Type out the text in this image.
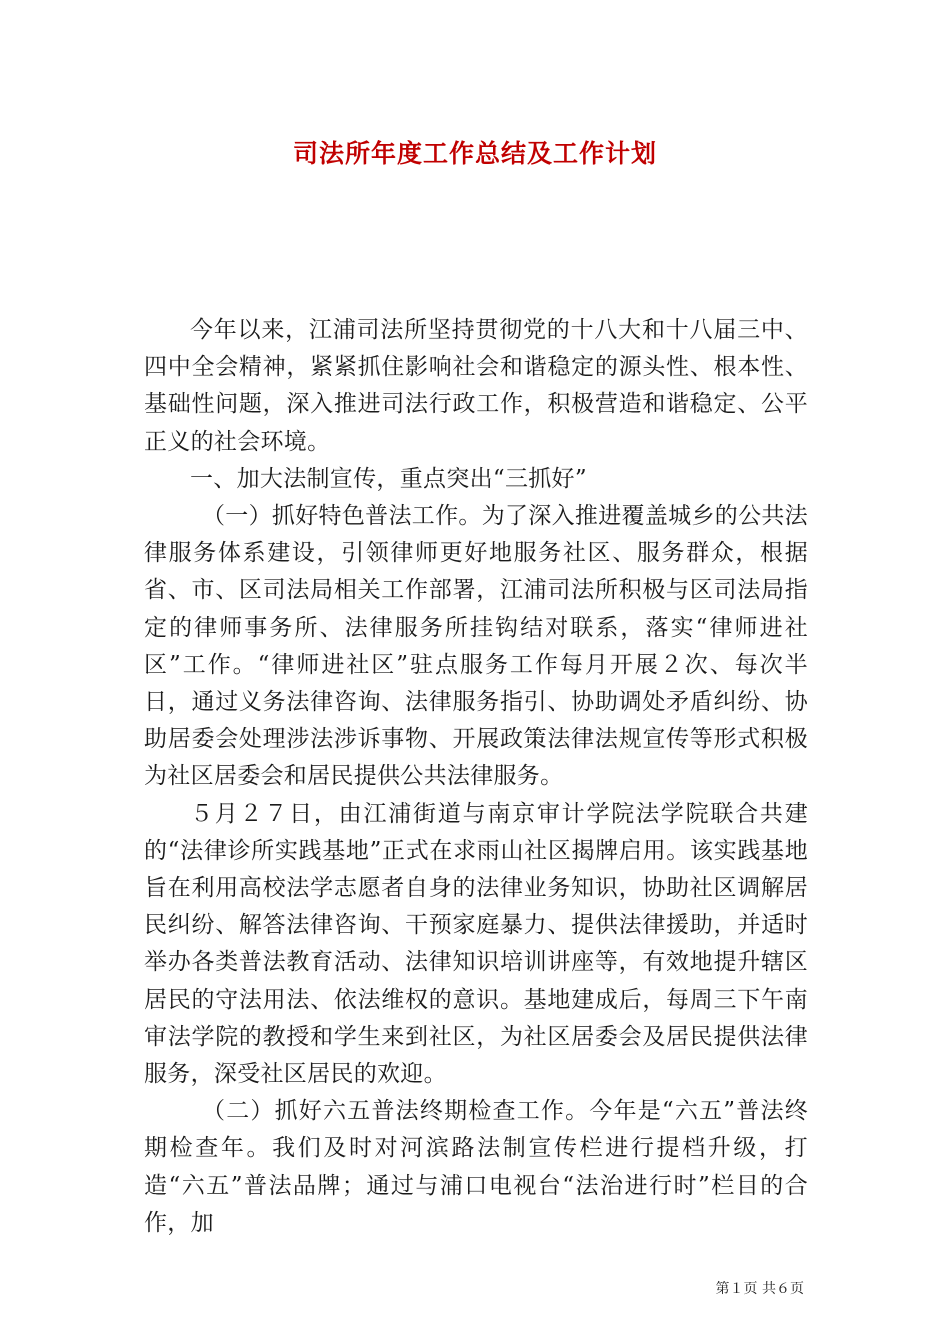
司法所年度工作总结及工作计划

今年以来，江浦司法所坚持贯彻党的十八大和十八届三中、四中全会精神，紧紧抓住影响社会和谐稳定的源头性、根本性、基础性问题，深入推进司法行政工作，积极营造和谐稳定、公平正义的社会环境。

一、加大法制宣传，重点突出“三抓好”

（一）抓好特色普法工作。为了深入推进覆盖城乡的公共法律服务体系建设，引领律师更好地服务社区、服务群众，根据省、市、区司法局相关工作部署，江浦司法所积极与区司法局指定的律师事务所、法律服务所挂钩结对联系，落实“律师进社区”工作。“律师进社区”驻点服务工作每月开展２次、每次半日，通过义务法律咨询、法律服务指引、协助调处矛盾纠纷、协助居委会处理涉法涉诉事物、开展政策法律法规宣传等形式积极为社区居委会和居民提供公共法律服务。

５月２７日，由江浦街道与南京审计学院法学院联合共建的“法律诊所实践基地”正式在求雨山社区揭牌启用。该实践基地旨在利用高校法学志愿者自身的法律业务知识，协助社区调解居民纠纷、解答法律咨询、干预家庭暴力、提供法律援助，并适时举办各类普法教育活动、法律知识培训讲座等，有效地提升辖区居民的守法用法、依法维权的意识。基地建成后，每周三下午南审法学院的教授和学生来到社区，为社区居委会及居民提供法律服务，深受社区居民的欢迎。

（二）抓好六五普法终期检查工作。今年是“六五”普法终期检查年。我们及时对河滨路法制宣传栏进行提档升级，打造“六五”普法品牌；通过与浦口电视台“法治进行时”栏目的合作，加

第１页 共６页
